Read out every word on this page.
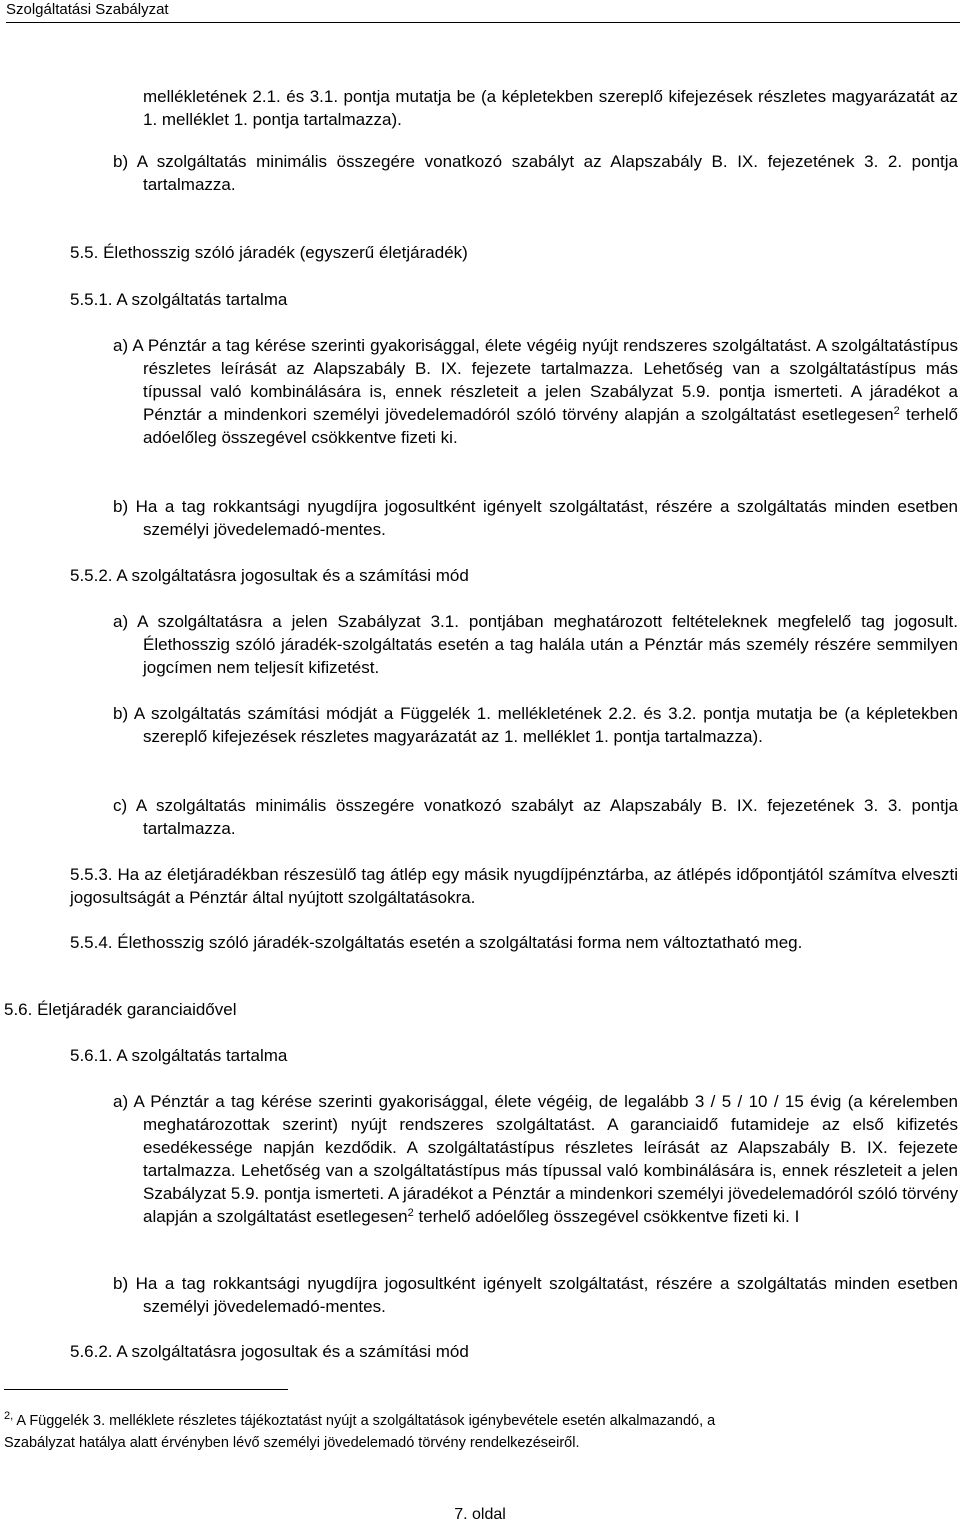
Szolgáltatási Szabályzat

mellékletének 2.1. és 3.1. pontja mutatja be (a képletekben szereplő kifejezések részletes magyarázatát az 1. melléklet 1. pontja tartalmazza).

b) A szolgáltatás minimális összegére vonatkozó szabályt az Alapszabály B. IX. fejezetének 3. 2. pontja tartalmazza.

5.5. Élethosszig szóló járadék (egyszerű életjáradék)

5.5.1. A szolgáltatás tartalma

a) A Pénztár a tag kérése szerinti gyakorisággal, élete végéig nyújt rendszeres szolgáltatást. A szolgáltatástípus részletes leírását az Alapszabály B. IX. fejezete tartalmazza. Lehetőség van a szolgáltatástípus más típussal való kombinálására is, ennek részleteit a jelen Szabályzat 5.9. pontja ismerteti. A járadékot a Pénztár a mindenkori személyi jövedelemadóról szóló törvény alapján a szolgáltatást esetlegesen$^2$ terhelő adóelőleg összegével csökkentve fizeti ki.

b) Ha a tag rokkantsági nyugdíjra jogosultként igényelt szolgáltatást, részére a szolgáltatás minden esetben személyi jövedelemadó-mentes.

5.5.2. A szolgáltatásra jogosultak és a számítási mód

a) A szolgáltatásra a jelen Szabályzat 3.1. pontjában meghatározott feltételeknek megfelelő tag jogosult. Élethosszig szóló járadék-szolgáltatás esetén a tag halála után a Pénztár más személy részére semmilyen jogcímen nem teljesít kifizetést.

b) A szolgáltatás számítási módját a Függelék 1. mellékletének 2.2. és 3.2. pontja mutatja be (a képletekben szereplő kifejezések részletes magyarázatát az 1. melléklet 1. pontja tartalmazza).

c) A szolgáltatás minimális összegére vonatkozó szabályt az Alapszabály B. IX. fejezetének 3. 3. pontja tartalmazza.

5.5.3. Ha az életjáradékban részesülő tag átlép egy másik nyugdíjpénztárba, az átlépés időpontjától számítva elveszti jogosultságát a Pénztár által nyújtott szolgáltatásokra.

5.5.4. Élethosszig szóló járadék-szolgáltatás esetén a szolgáltatási forma nem változtatható meg.

5.6. Életjáradék garanciaidővel

5.6.1. A szolgáltatás tartalma

a) A Pénztár a tag kérése szerinti gyakorisággal, élete végéig, de legalább 3 / 5 / 10 / 15 évig (a kérelemben meghatározottak szerint) nyújt rendszeres szolgáltatást. A garanciaidő futamideje az első kifizetés esedékessége napján kezdődik. A szolgáltatástípus részletes leírását az Alapszabály B. IX. fejezete tartalmazza. Lehetőség van a szolgáltatástípus más típussal való kombinálására is, ennek részleteit a jelen Szabályzat 5.9. pontja ismerteti. A járadékot a Pénztár a mindenkori személyi jövedelemadóról szóló törvény alapján a szolgáltatást esetlegesen$^2$ terhelő adóelőleg összegével csökkentve fizeti ki. I

b) Ha a tag rokkantsági nyugdíjra jogosultként igényelt szolgáltatást, részére a szolgáltatás minden esetben személyi jövedelemadó-mentes.

5.6.2. A szolgáltatásra jogosultak és a számítási mód

$^{2,}$ A Függelék 3. melléklete részletes tájékoztatást nyújt a szolgáltatások igénybevétele esetén alkalmazandó, a
Szabályzat hatálya alatt érvényben lévő személyi jövedelemadó törvény rendelkezéseiről.
7. oldal
